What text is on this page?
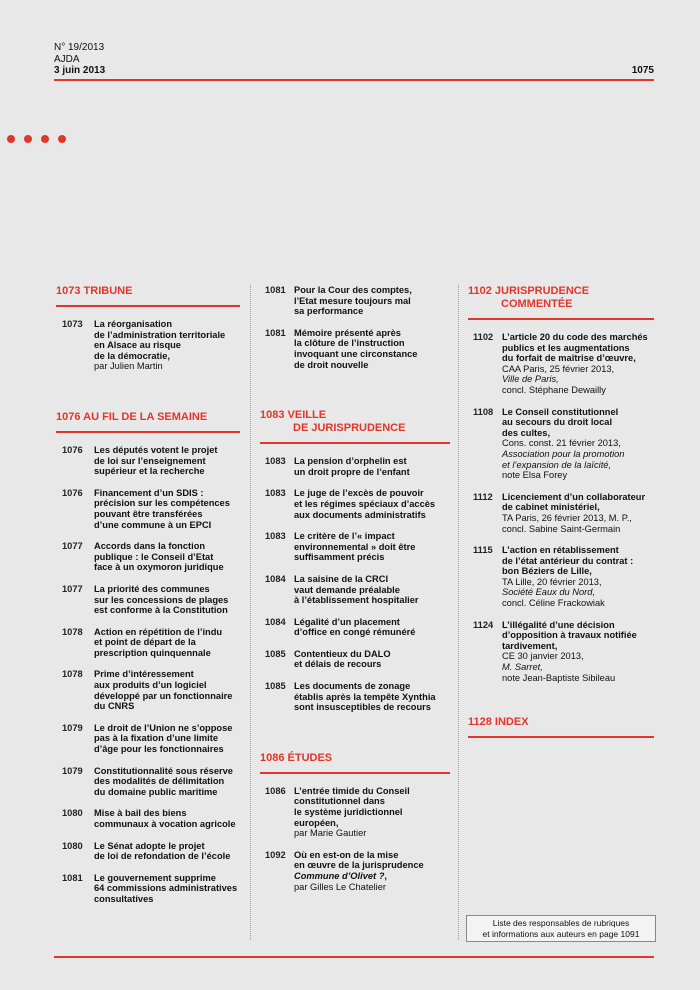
N° 19/2013
AJDA
3 juin 2013	1075
1073 TRIBUNE
1073	La réorganisation
de l’administration territoriale
en Alsace au risque
de la démocratie,
par Julien Martin
1076 AU FIL DE LA SEMAINE
1076	Les députés votent le projet
de loi sur l’enseignement
supérieur et la recherche
1076	Financement d’un SDIS :
précision sur les compétences
pouvant être transférées
d’une commune à un EPCI
1077	Accords dans la fonction
publique : le Conseil d’Etat
face à un oxymoron juridique
1077	La priorité des communes
sur les concessions de plages
est conforme à la Constitution
1078	Action en répétition de l’indu
et point de départ de la
prescription quinquennale
1078	Prime d’intéressement
aux produits d’un logiciel
développé par un fonctionnaire
du CNRS
1079	Le droit de l’Union ne s’oppose
pas à la fixation d’une limite
d’âge pour les fonctionnaires
1079	Constitutionnalité sous réserve
des modalités de délimitation
du domaine public maritime
1080	Mise à bail des biens
communaux à vocation agricole
1080	Le Sénat adopte le projet
de loi de refondation de l’école
1081	Le gouvernement supprime
64 commissions administratives
consultatives
1081 Pour la Cour des comptes,
l’Etat mesure toujours mal
sa performance
1081 Mémoire présenté après
la clôture de l’instruction
invoquant une circonstance
de droit nouvelle
1083 VEILLE
DE JURISPRUDENCE
1083 La pension d’orphelin est
un droit propre de l’enfant
1083 Le juge de l’excès de pouvoir
et les régimes spéciaux d’accès
aux documents administratifs
1083 Le critère de l’« impact
environnemental » doit être
suffisamment précis
1084 La saisine de la CRCI
vaut demande préalable
à l’établissement hospitalier
1084 Légalité d’un placement
d’office en congé rémunéré
1085 Contentieux du DALO
et délais de recours
1085 Les documents de zonage
établis après la tempête Xynthia
sont insusceptibles de recours
1086 ÉTUDES
1086 L’entrée timide du Conseil
constitutionnel dans
le système juridictionnel
européen,
par Marie Gautier
1092 Où en est-on de la mise
en œuvre de la jurisprudence
Commune d’Olivet ?,
par Gilles Le Chatelier
1102 JURISPRUDENCE
COMMENTÉE
1102 L’article 20 du code des marchés
publics et les augmentations
du forfait de maîtrise d’œuvre,
CAA Paris, 25 février 2013,
Ville de Paris,
concl. Stéphane Dewailly
1108 Le Conseil constitutionnel
au secours du droit local
des cultes,
Cons. const. 21 février 2013,
Association pour la promotion
et l’expansion de la laïcité,
note Elsa Forey
1112	Licenciement d’un collaborateur
de cabinet ministériel,
TA Paris, 26 février 2013, M. P.,
concl. Sabine Saint-Germain
1115	L’action en rétablissement
de l’état antérieur du contrat :
bon Béziers de Lille,
TA Lille, 20 février 2013,
Société Eaux du Nord,
concl. Céline Frackowiak
1124 L’illégalité d’une décision
d’opposition à travaux notifiée
tardivement,
CE 30 janvier 2013,
M. Sarret,
note Jean-Baptiste Sibileau
1128 INDEX
Liste des responsables de rubriques
et informations aux auteurs en page 1091
